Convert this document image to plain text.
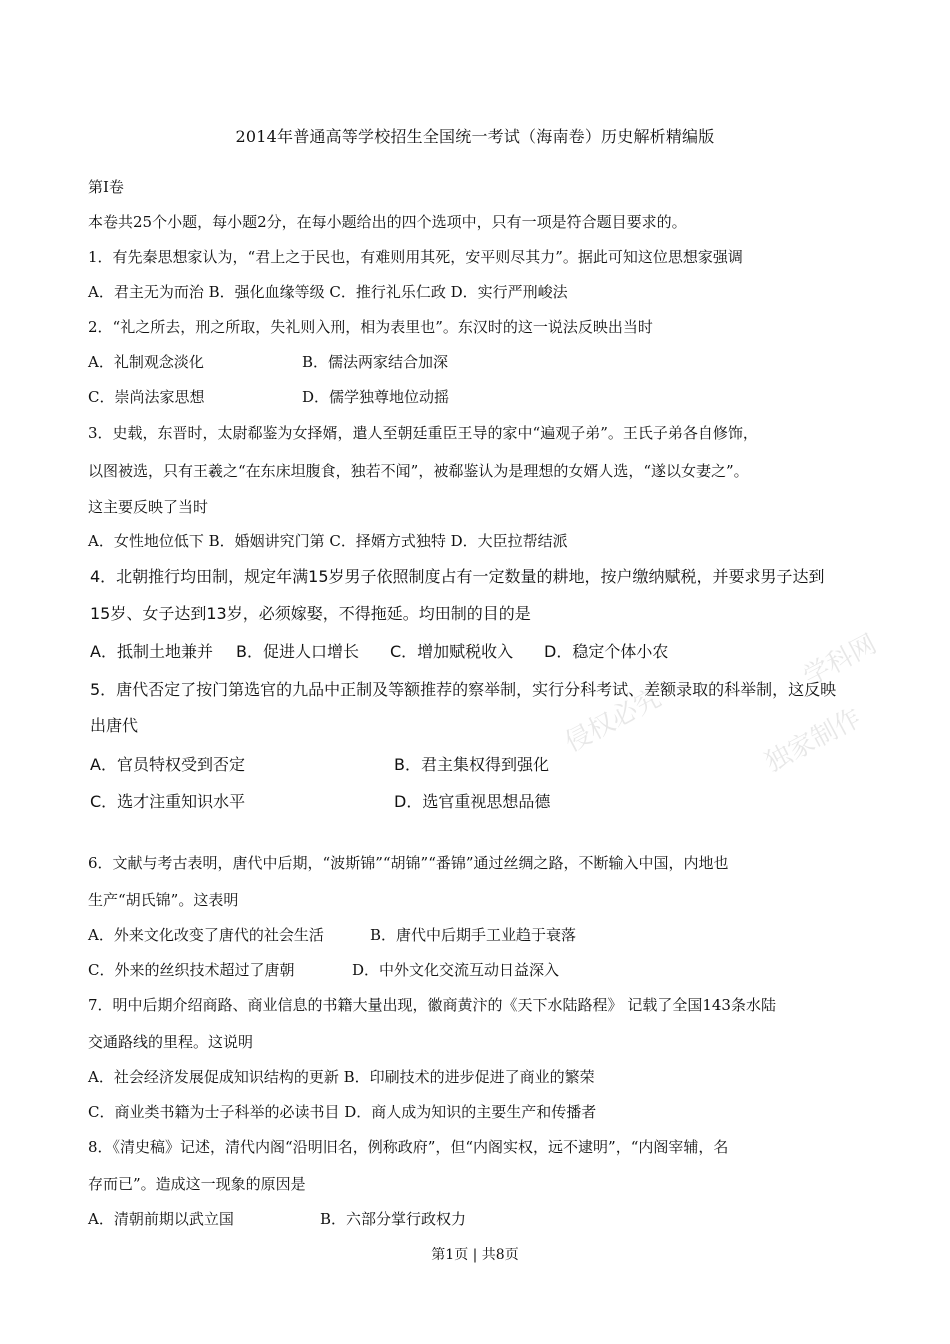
学科网
独家制作
侵权必究
2014年普通高等学校招生全国统一考试（海南卷）历史解析精编版
第Ⅰ卷
本卷共25个小题，每小题2分，在每小题给出的四个选项中，只有一项是符合题目要求的。
1．有先秦思想家认为，“君上之于民也，有难则用其死，安平则尽其力”。据此可知这位思想家强调
A．君主无为而治 B．强化血缘等级 C．推行礼乐仁政 D．实行严刑峻法
2．“礼之所去，刑之所取，失礼则入刑，相为表里也”。东汉时的这一说法反映出当时
A．礼制观念淡化	B．儒法两家结合加深
C．崇尚法家思想	D．儒学独尊地位动摇
3．史载，东晋时，太尉郗鉴为女择婿，遣人至朝廷重臣王导的家中“遍观子弟”。王氏子弟各自修饰，
以图被选，只有王羲之“在东床坦腹食，独若不闻”，被郗鉴认为是理想的女婿人选，“遂以女妻之”。
这主要反映了当时
A．女性地位低下 B．婚姻讲究门第 C．择婿方式独特 D．大臣拉帮结派
4．北朝推行均田制，规定年满15岁男子依照制度占有一定数量的耕地，按户缴纳赋税，并要求男子达到
15岁、女子达到13岁，必须嫁娶，不得拖延。均田制的目的是
A．抵制土地兼并 B．促进人口增长 C．增加赋税收入 D．稳定个体小农
5．唐代否定了按门第选官的九品中正制及等额推荐的察举制，实行分科考试、差额录取的科举制，这反映
出唐代
A．官员特权受到否定	B．君主集权得到强化
C．选才注重知识水平	D．选官重视思想品德
6．文献与考古表明，唐代中后期，“波斯锦”“胡锦”“番锦”通过丝绸之路，不断输入中国，内地也
生产“胡氏锦”。这表明
A．外来文化改变了唐代的社会生活	B．唐代中后期手工业趋于衰落
C．外来的丝织技术超过了唐朝	D．中外文化交流互动日益深入
7．明中后期介绍商路、商业信息的书籍大量出现，徽商黄汴的《天下水陆路程》 记载了全国143条水陆
交通路线的里程。这说明
A．社会经济发展促成知识结构的更新 B．印刷技术的进步促进了商业的繁荣
C．商业类书籍为士子科举的必读书目 D．商人成为知识的主要生产和传播者
8．《清史稿》记述，清代内阁“沿明旧名，例称政府”，但“内阁实权，远不逮明”，“内阁宰辅，名
存而已”。造成这一现象的原因是
A．清朝前期以武立国	B．六部分掌行政权力
第1页 | 共8页
